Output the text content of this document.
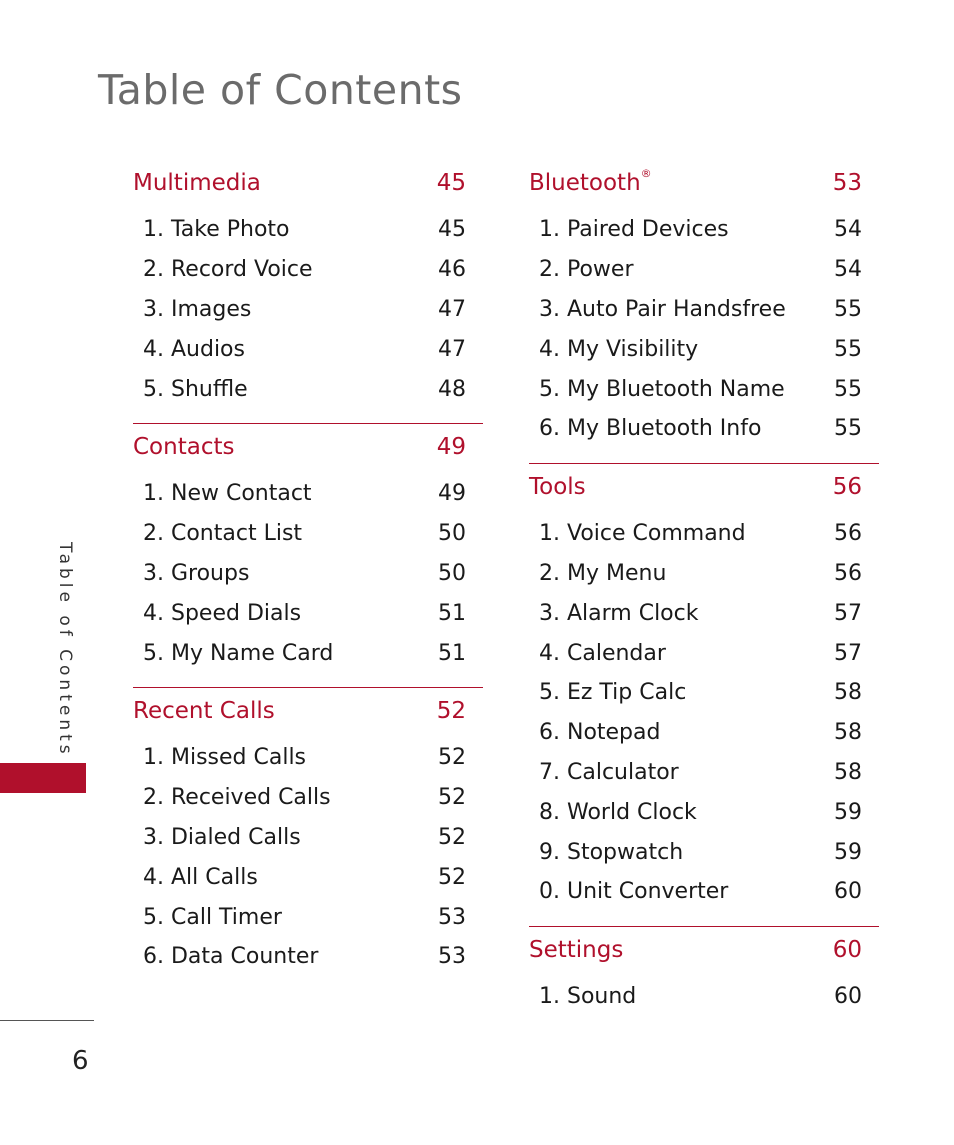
Table of Contents
Multimedia	45
1. Take Photo	45
2. Record Voice	46
3. Images	47
4. Audios	47
5. Shuffle	48
Contacts	49
1. New Contact	49
2. Contact List	50
3. Groups	50
4. Speed Dials	51
5. My Name Card	51
Recent Calls	52
1. Missed Calls	52
2. Received Calls	52
3. Dialed Calls	52
4. All Calls	52
5. Call Timer	53
6. Data Counter	53
Bluetooth®	53
1. Paired Devices	54
2. Power	54
3. Auto Pair Handsfree 55
4. My Visibility	55
5. My Bluetooth Name 55
6. My Bluetooth Info	55
Tools	56
1. Voice Command	56
2. My Menu	56
3. Alarm Clock	57
4. Calendar	57
5. Ez Tip Calc	58
6. Notepad	58
7. Calculator	58
8. World Clock	59
9. Stopwatch	59
0. Unit Converter	60
Settings	60
1. Sound	60
Table of Contents
6
